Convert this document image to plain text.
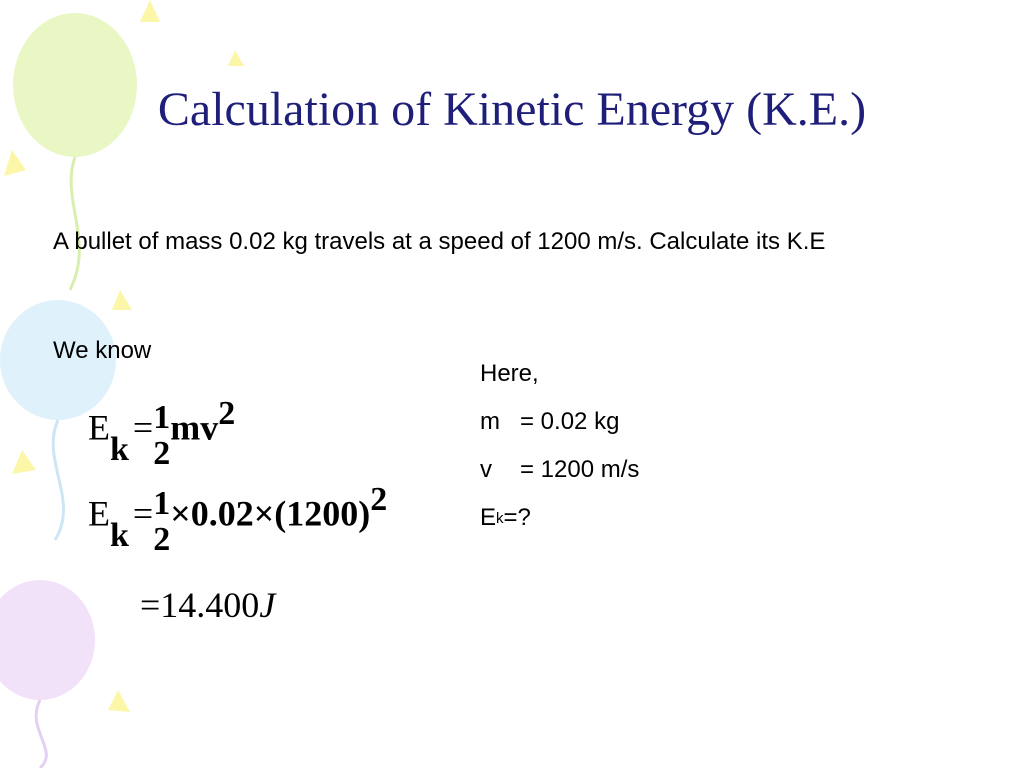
Calculation of Kinetic Energy (K.E.)
A bullet of mass 0.02 kg travels at a speed of 1200 m/s. Calculate its K.E
We know
Here,
m = 0.02 kg
v	= 1200 m/s
E k =?
Ek = 1
2
mv2
Ek = 1
2
×0.02×(1200)2
=14.400J
